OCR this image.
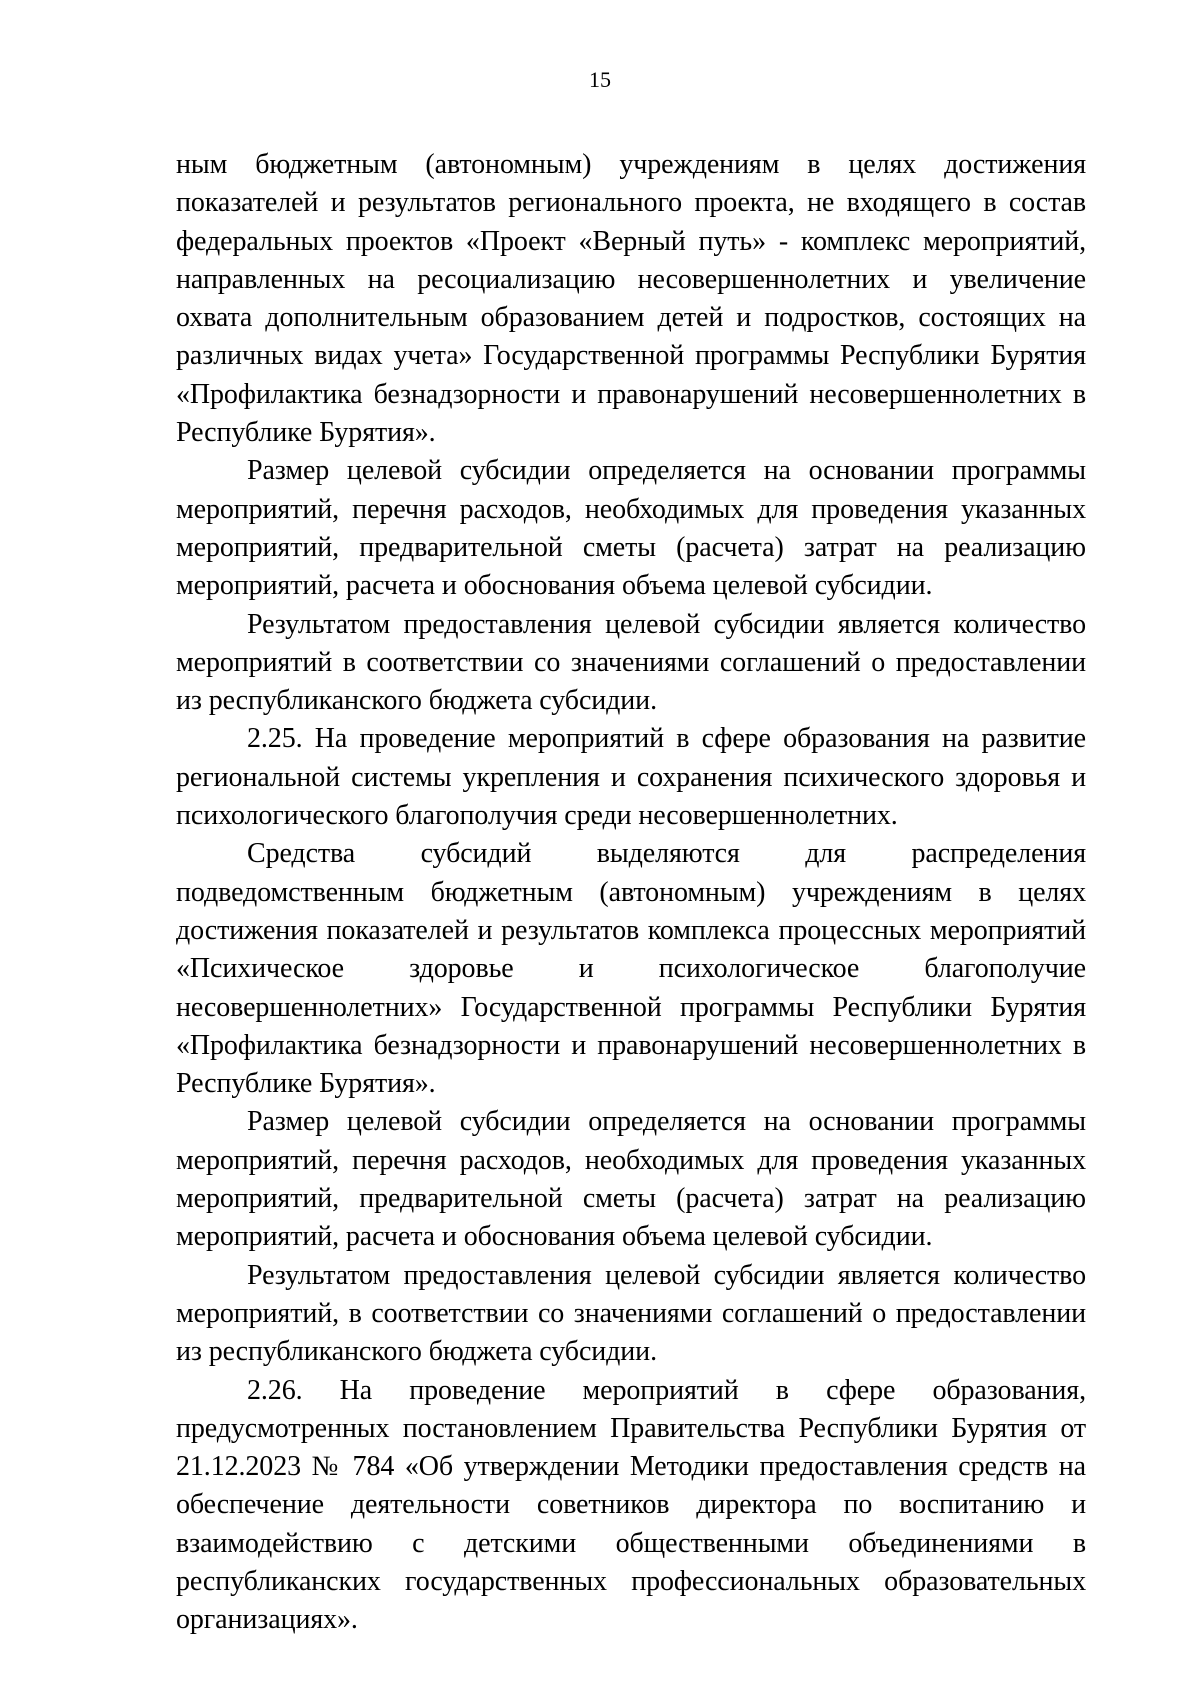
15

ным бюджетным (автономным) учреждениям в целях достижения показателей и результатов регионального проекта, не входящего в состав федеральных проектов «Проект «Верный путь» - комплекс мероприятий, направленных на ресоциализацию несовершеннолетних и увеличение охвата дополнительным образованием детей и подростков, состоящих на различных видах учета» Государственной программы Республики Бурятия «Профилактика безнадзорности и правонарушений несовершеннолетних в Республике Бурятия».

Размер целевой субсидии определяется на основании программы мероприятий, перечня расходов, необходимых для проведения указанных мероприятий, предварительной сметы (расчета) затрат на реализацию мероприятий, расчета и обоснования объема целевой субсидии.

Результатом предоставления целевой субсидии является количество мероприятий в соответствии со значениями соглашений о предоставлении из республиканского бюджета субсидии.

2.25. На проведение мероприятий в сфере образования на развитие региональной системы укрепления и сохранения психического здоровья и психологического благополучия среди несовершеннолетних.

Средства субсидий выделяются для распределения подведомственным бюджетным (автономным) учреждениям в целях достижения показателей и результатов комплекса процессных мероприятий «Психическое здоровье и психологическое благополучие несовершеннолетних» Государственной программы Республики Бурятия «Профилактика безнадзорности и правонарушений несовершеннолетних в Республике Бурятия».

Размер целевой субсидии определяется на основании программы мероприятий, перечня расходов, необходимых для проведения указанных мероприятий, предварительной сметы (расчета) затрат на реализацию мероприятий, расчета и обоснования объема целевой субсидии.

Результатом предоставления целевой субсидии является количество мероприятий, в соответствии со значениями соглашений о предоставлении из республиканского бюджета субсидии.

2.26. На проведение мероприятий в сфере образования, предусмотренных постановлением Правительства Республики Бурятия от 21.12.2023 № 784 «Об утверждении Методики предоставления средств на обеспечение деятельности советников директора по воспитанию и взаимодействию с детскими общественными объединениями в республиканских государственных профессиональных образовательных организациях».
